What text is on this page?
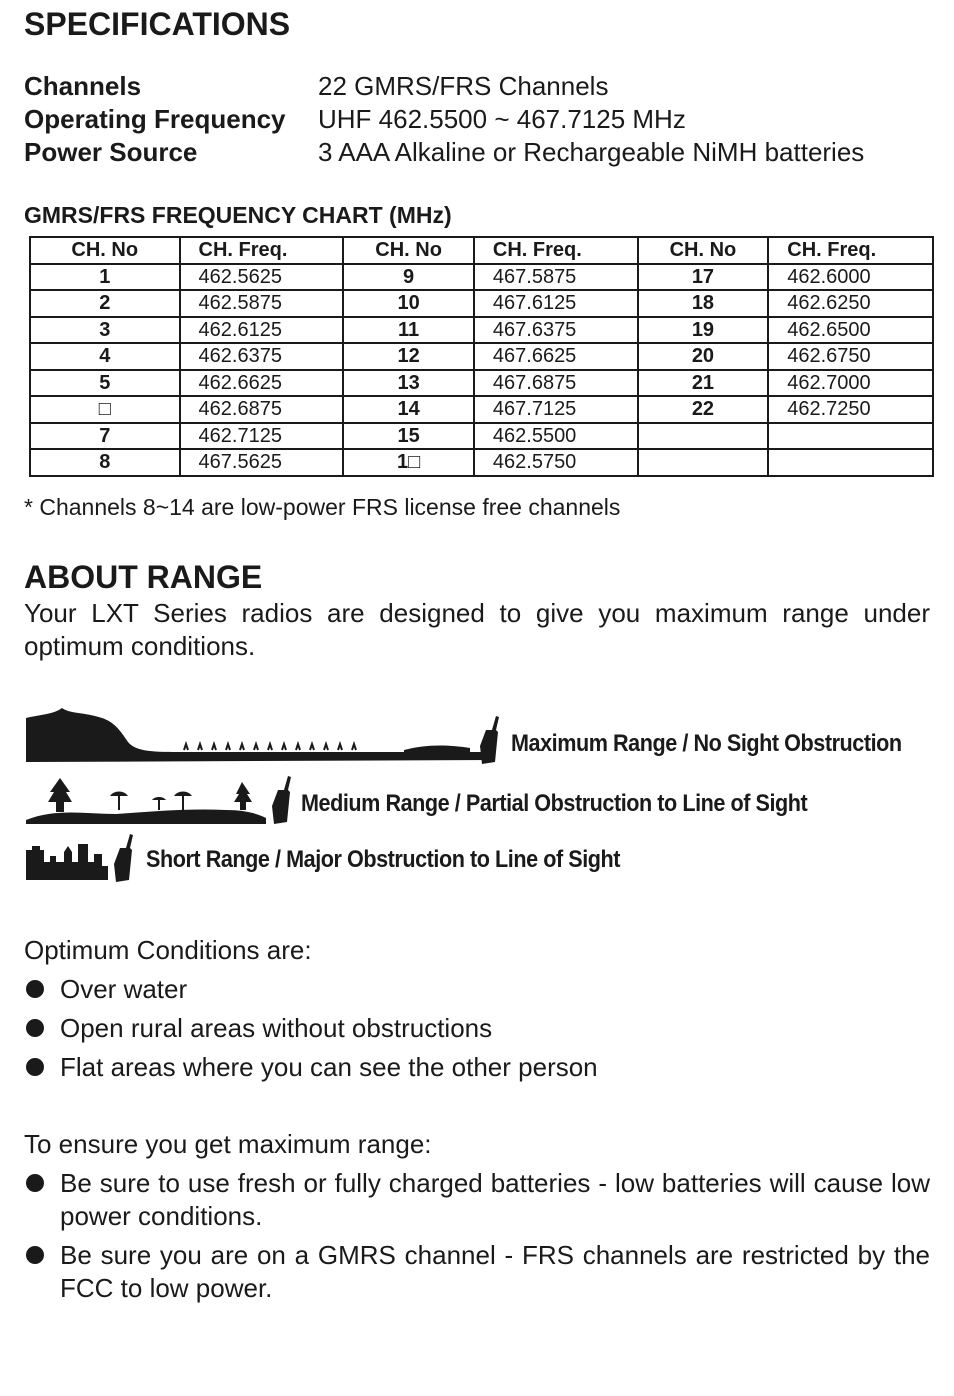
SPECIFICATIONS
Channels	22 GMRS/FRS Channels
Operating Frequency	UHF 462.5500 ~ 467.7125 MHz
Power Source	3 AAA Alkaline or Rechargeable NiMH batteries
GMRS/FRS FREQUENCY CHART (MHz)
CH. No	CH. Freq.	CH. No	CH. Freq.	CH. No	CH. Freq.
1	462.5625	9	467.5875	17	462.6000
2	462.5875	10	467.6125	18	462.6250
3	462.6125	11	467.6375	19	462.6500
4	462.6375	12	467.6625	20	462.6750
5	462.6625	13	467.6875	21	462.7000
□	462.6875	14	467.7125	22	462.7250
7	462.7125	15	462.5500		
8	467.5625	1□	462.5750		
* Channels 8~14 are low-power FRS license free channels
ABOUT RANGE

Your LXT Series radios are designed to give you maximum range under optimum conditions.

Maximum Range / No Sight Obstruction
Medium Range / Partial Obstruction to Line of Sight
Short Range / Major Obstruction to Line of Sight
Optimum Conditions are:
Over water
Open rural areas without obstructions
Flat areas where you can see the other person
To ensure you get maximum range:
Be sure to use fresh or fully charged batteries - low batteries will cause low power conditions.
Be sure you are on a GMRS channel - FRS channels are restricted by the FCC to low power.
